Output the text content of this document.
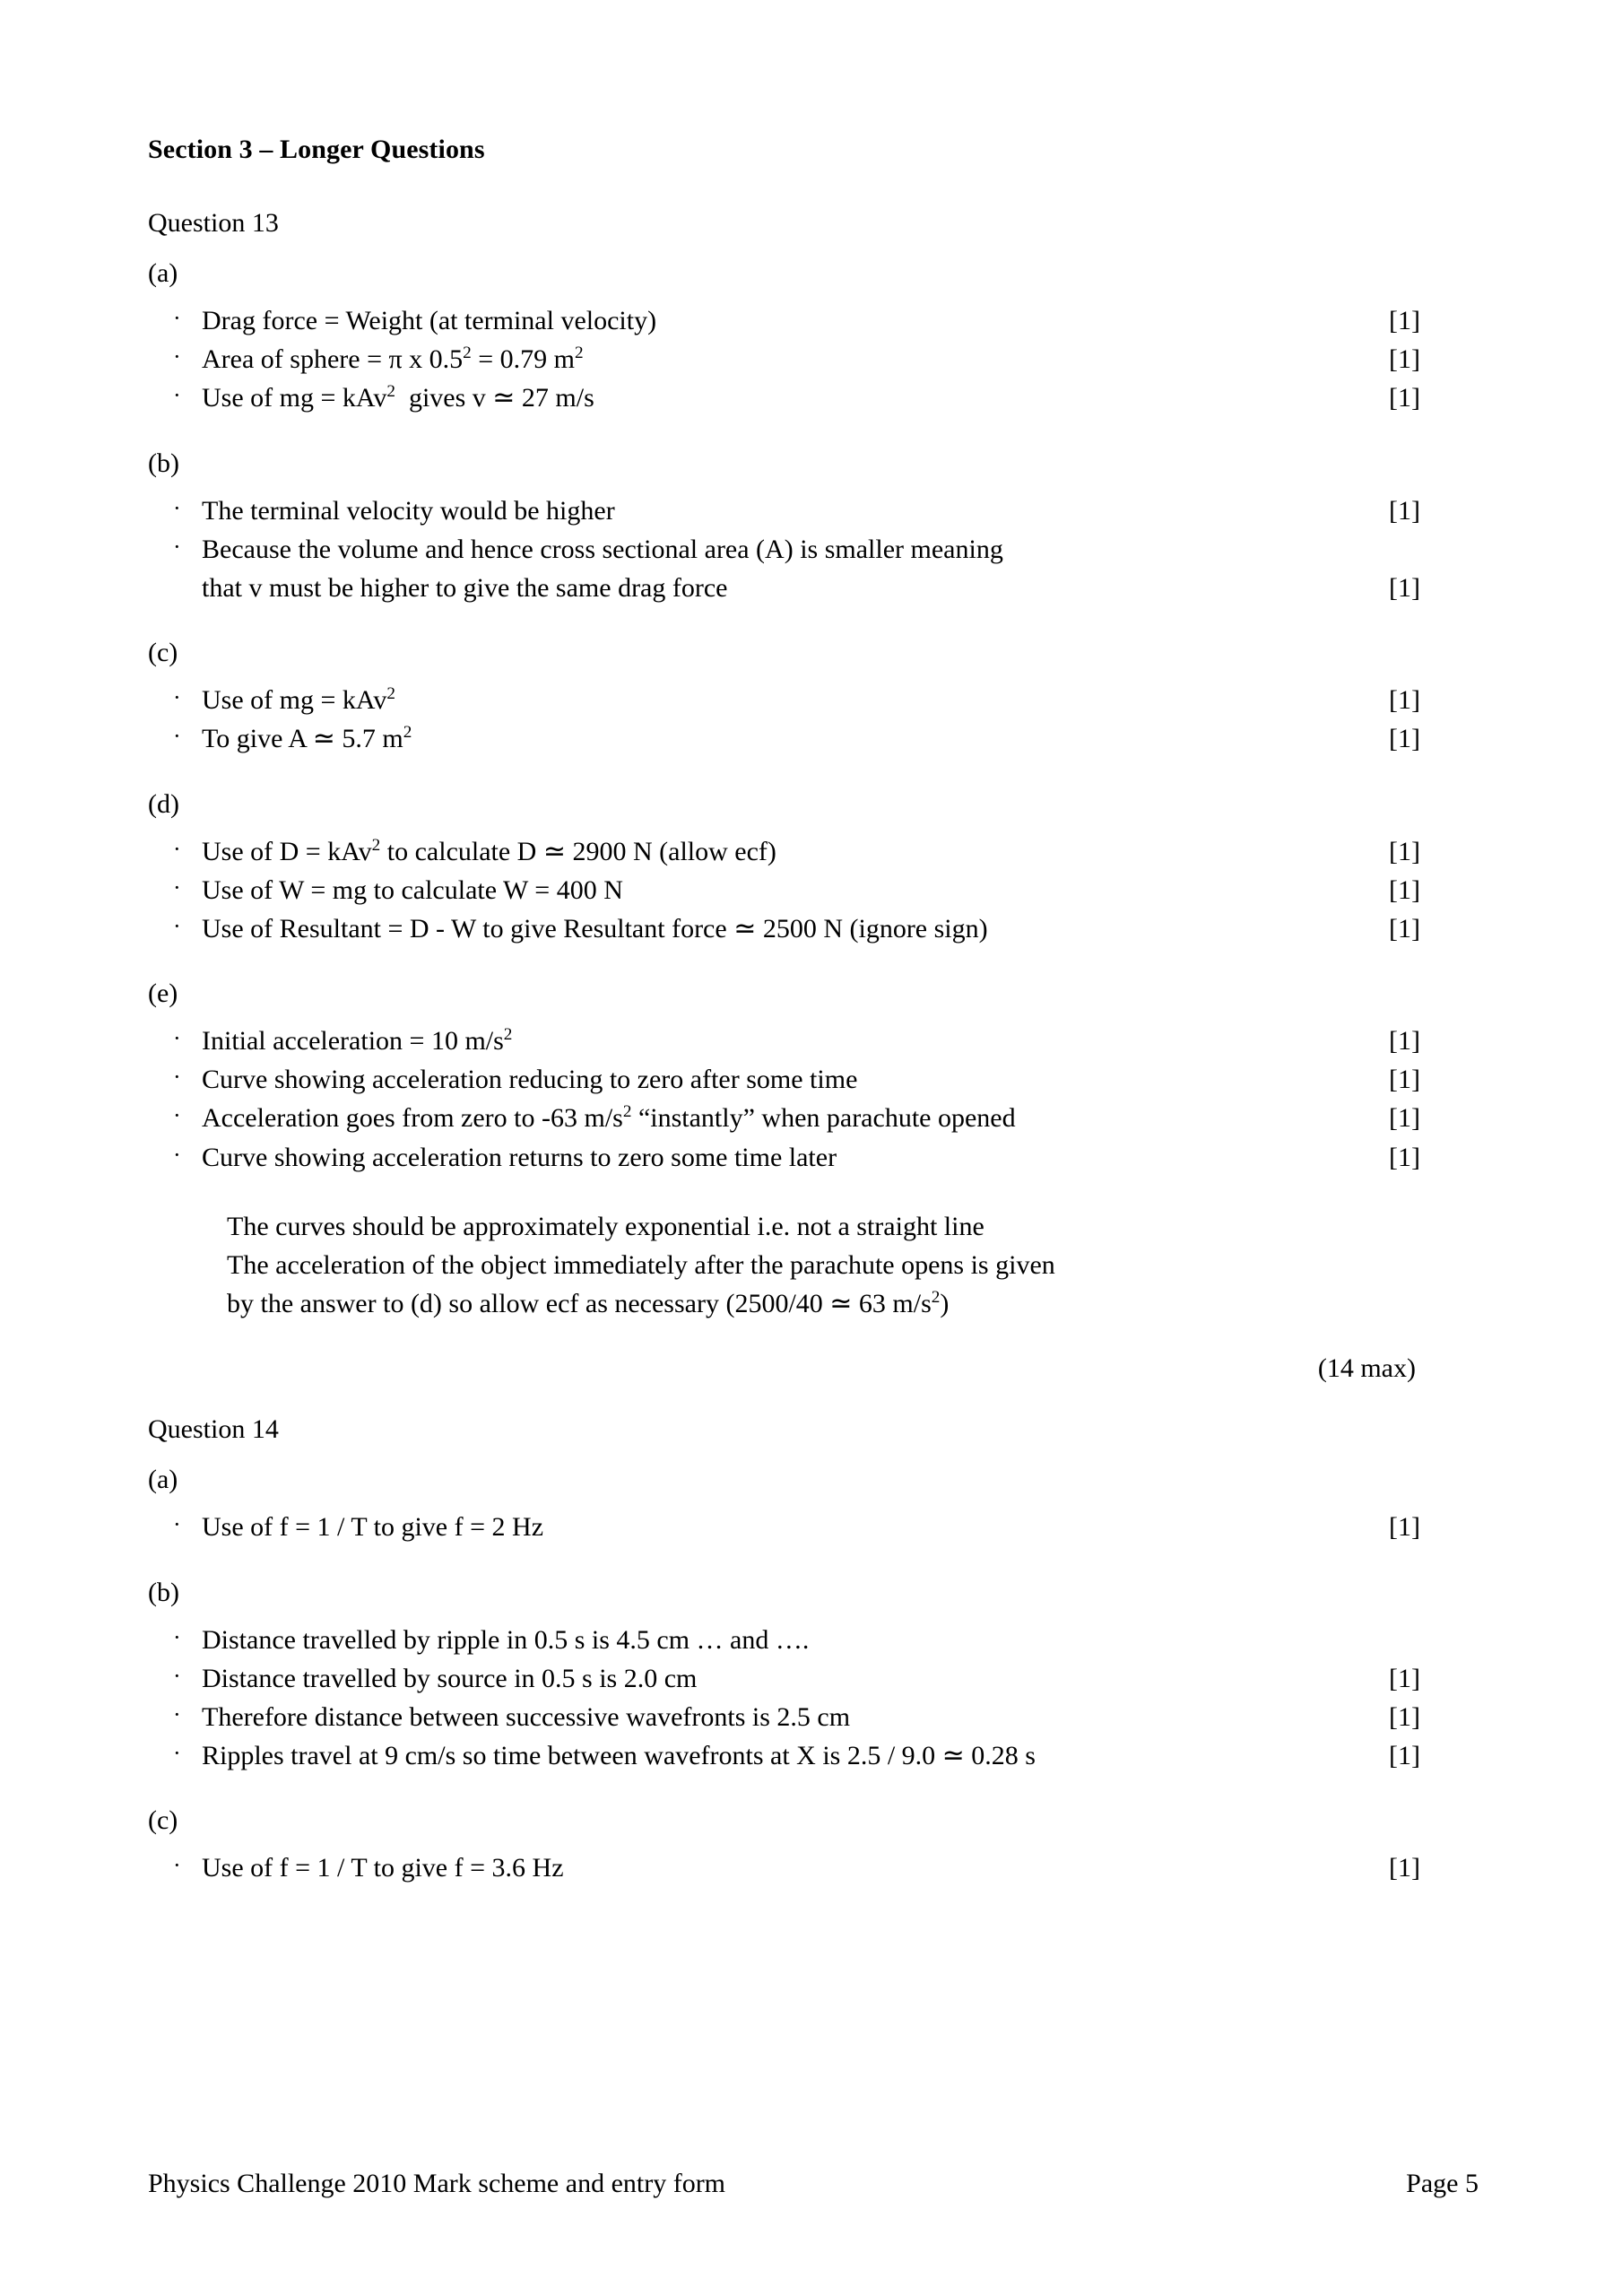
Section 3 – Longer Questions
Question 13
(a)
· Drag force = Weight (at terminal velocity)	[1]
· Area of sphere = π x $0.5^2 = 0.79$ $m^2$	[1]
· Use of mg = kAv$^2$  gives v ≃ 27 m/s	[1]
(b)
· The terminal velocity would be higher	[1]
· Because the volume and hence cross sectional area (A) is smaller meaning
that v must be higher to give the same drag force	[1]
(c)
· Use of mg = kAv$^2$	[1]
· To give A ≃ 5.7 $m^2$	[1]
(d)
· Use of D = kAv$^2$ to calculate D ≃ 2900 N (allow ecf)	[1]
· Use of W = mg to calculate W = 400 N	[1]
· Use of Resultant = D - W to give Resultant force ≃ 2500 N (ignore sign)	[1]
(e)
· Initial acceleration = 10 $m/s^2$	[1]
· Curve showing acceleration reducing to zero after some time	[1]
· Acceleration goes from zero to -63 $m/s^2$ “instantly” when parachute opened	[1]
· Curve showing acceleration returns to zero some time later	[1]
The curves should be approximately exponential i.e. not a straight line
The acceleration of the object immediately after the parachute opens is given
by the answer to (d) so allow ecf as necessary (2500/40 ≃ 63 $m/s^2$)
(14 max)
Question 14
(a)
· Use of f = 1 / T to give f = 2 Hz	[1]
(b)
· Distance travelled by ripple in 0.5 s is 4.5 cm … and ….
· Distance travelled by source in 0.5 s is 2.0 cm	[1]
· Therefore distance between successive wavefronts is 2.5 cm	[1]
· Ripples travel at 9 cm/s so time between wavefronts at X is 2.5 / 9.0 ≃ 0.28 s	[1]
(c)
· Use of f = 1 / T to give f = 3.6 Hz	[1]
Physics Challenge 2010 Mark scheme and entry form	Page 5
